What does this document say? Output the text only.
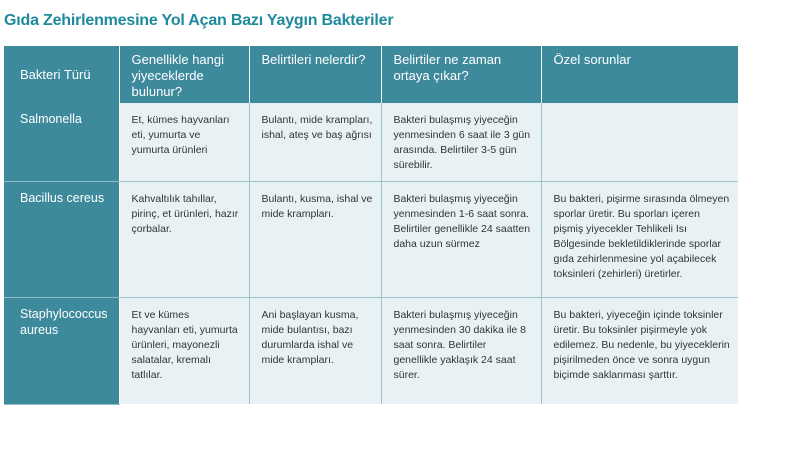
Gıda Zehirlenmesine Yol Açan Bazı Yaygın Bakteriler
Bakteri Türü	Genellikle hangi yiyeceklerde bulunur?	Belirtileri nelerdir?	Belirtiler ne zaman ortaya çıkar?	Özel sorunlar
Salmonella	Et, kümes hayvanları eti, yumurta ve yumurta ürünleri	Bulantı, mide krampları, ishal, ateş ve baş ağrısı	Bakteri bulaşmış yiyeceğin yenmesinden 6 saat ile 3 gün arasında. Belirtiler 3-5 gün sürebilir.	
Bacillus cereus	Kahvaltılık tahıllar, pirinç, et ürünleri, hazır çorbalar.	Bulantı, kusma, ishal ve mide krampları.	Bakteri bulaşmış yiyeceğin yenmesinden 1-6 saat sonra. Belirtiler genellikle 24 saatten daha uzun sürmez	Bu bakteri, pişirme sırasında ölmeyen sporlar üretir. Bu sporları içeren pişmiş yiyecekler Tehlikeli Isı Bölgesinde bekletildiklerinde sporlar gıda zehirlenmesine yol açabilecek toksinleri (zehirleri) üretirler.
Staphylococcus aureus	Et ve kümes hayvanları eti, yumurta ürünleri, mayonezli salatalar, kremalı tatlılar.	Ani başlayan kusma, mide bulantısı, bazı durumlarda ishal ve mide krampları.	Bakteri bulaşmış yiyeceğin yenmesinden 30 dakika ile 8 saat sonra. Belirtiler genellikle yaklaşık 24 saat sürer.	Bu bakteri, yiyeceğin içinde toksinler üretir. Bu toksinler pişirmeyle yok edilemez. Bu nedenle, bu yiyeceklerin pişirilmeden önce ve sonra uygun biçimde saklanması şarttır.
